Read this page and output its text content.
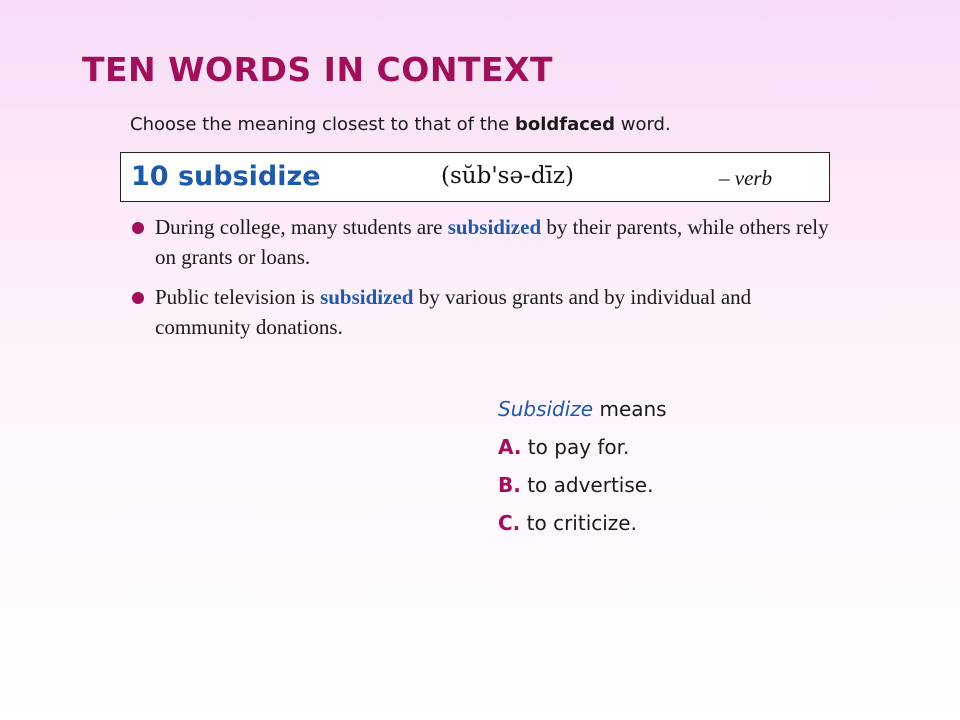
TEN WORDS IN CONTEXT
Choose the meaning closest to that of the boldfaced word.
10 subsidize	(sŭb'sə-dīz)	– verb
During college, many students are subsidized by their parents, while others rely on grants or loans.
Public television is subsidized by various grants and by individual and community donations.
Subsidize means
A. to pay for.
B. to advertise.
C. to criticize.
